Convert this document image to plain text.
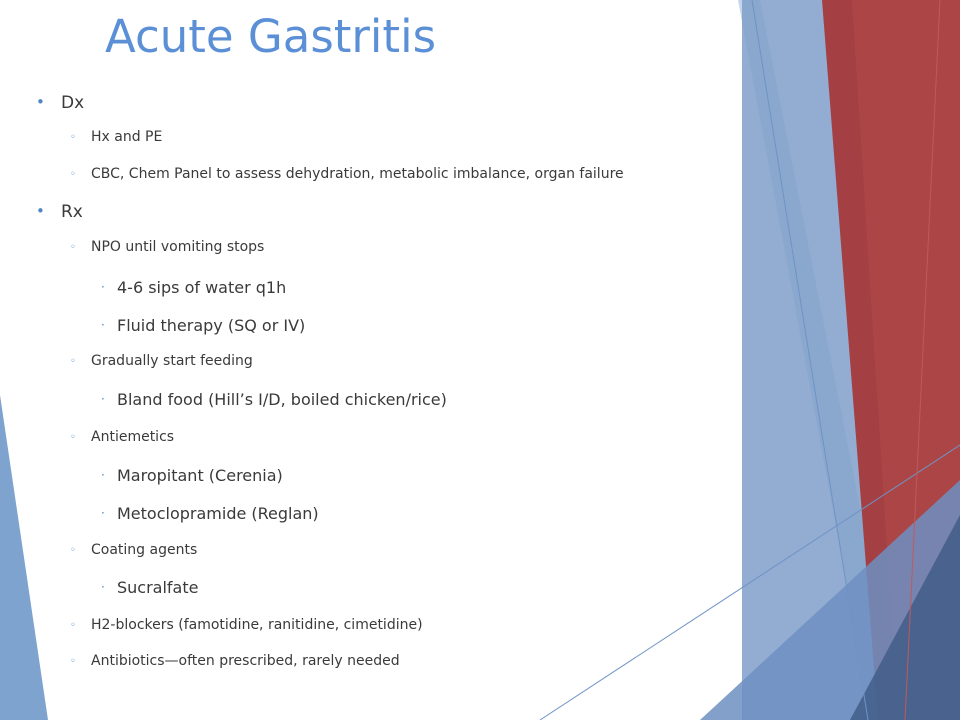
Acute Gastritis
• Dx
◦ Hx and PE
◦ CBC, Chem Panel to assess dehydration, metabolic imbalance, organ failure
• Rx
◦ NPO until vomiting stops
· 4-6 sips of water q1h
· Fluid therapy (SQ or IV)
◦ Gradually start feeding
· Bland food (Hill’s I/D, boiled chicken/rice)
◦ Antiemetics
· Maropitant (Cerenia)
· Metoclopramide (Reglan)
◦ Coating agents
· Sucralfate
◦ H2-blockers (famotidine, ranitidine, cimetidine)
◦ Antibiotics—often prescribed, rarely needed
